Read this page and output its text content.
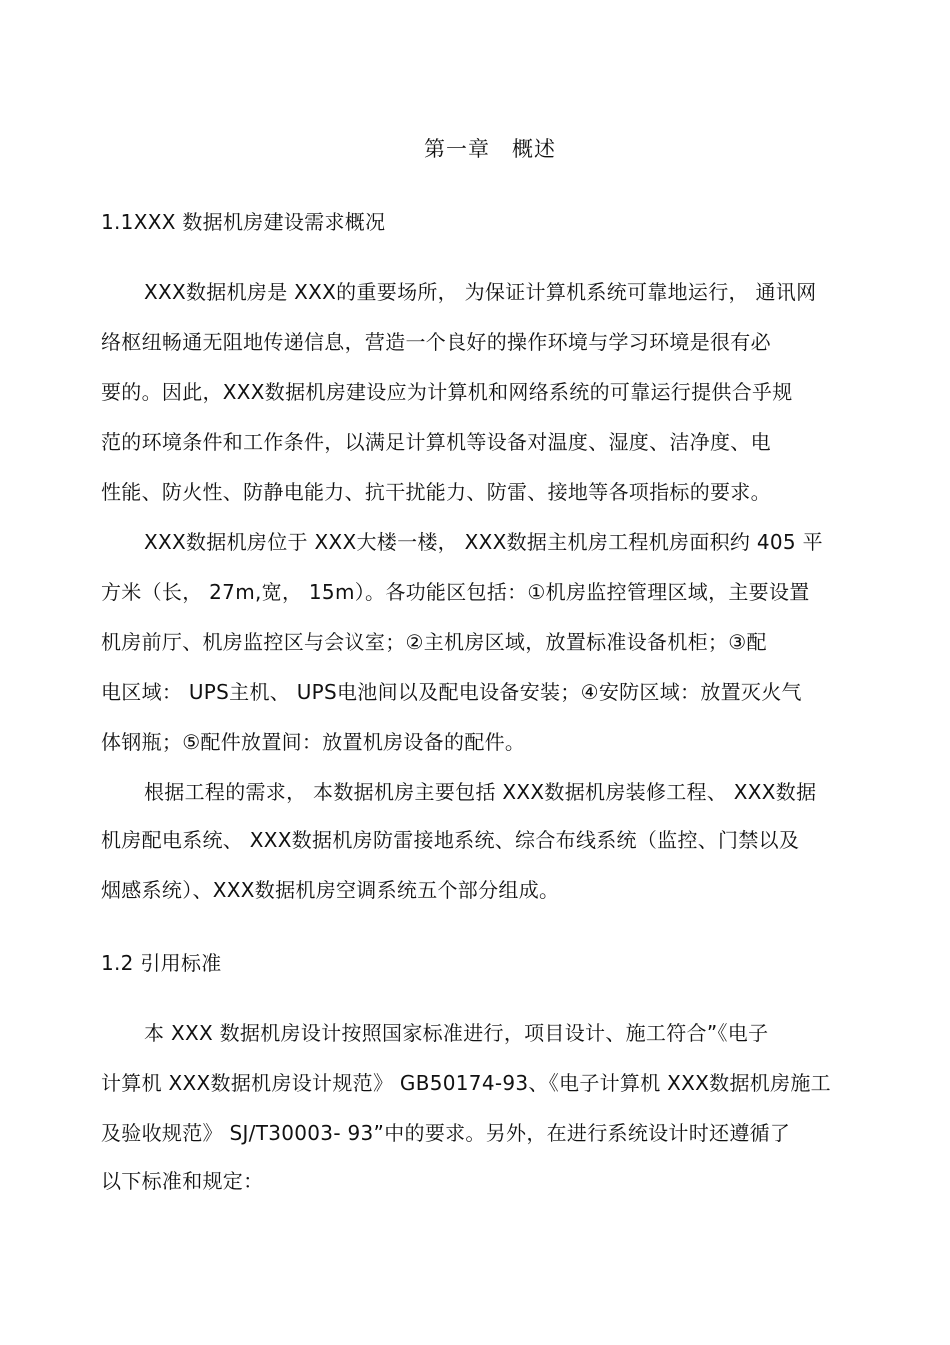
第一章　概述
1.1XXX 数据机房建设需求概况
XXX数据机房是 XXX的重要场所， 为保证计算机系统可靠地运行， 通讯网
络枢纽畅通无阻地传递信息，营造一个良好的操作环境与学习环境是很有必
要的。因此，XXX数据机房建设应为计算机和网络系统的可靠运行提供合乎规
范的环境条件和工作条件，以满足计算机等设备对温度、湿度、洁净度、电
性能、防火性、防静电能力、抗干扰能力、防雷、接地等各项指标的要求。
XXX数据机房位于 XXX大楼一楼， XXX数据主机房工程机房面积约 405 平
方米（长， 27m,宽， 15m）。各功能区包括：①机房监控管理区域，主要设置
机房前厅、机房监控区与会议室；②主机房区域，放置标准设备机柜；③配
电区域： UPS主机、 UPS电池间以及配电设备安装；④安防区域：放置灭火气
体钢瓶；⑤配件放置间：放置机房设备的配件。
根据工程的需求， 本数据机房主要包括 XXX数据机房装修工程、 XXX数据
机房配电系统、 XXX数据机房防雷接地系统、综合布线系统（监控、门禁以及
烟感系统）、XXX数据机房空调系统五个部分组成。
1.2 引用标准
本 XXX 数据机房设计按照国家标准进行，项目设计、施工符合”《电子
计算机 XXX数据机房设计规范》 GB50174-93、《电子计算机 XXX数据机房施工
及验收规范》 SJ/T30003- 93”中的要求。另外，在进行系统设计时还遵循了
以下标准和规定：
